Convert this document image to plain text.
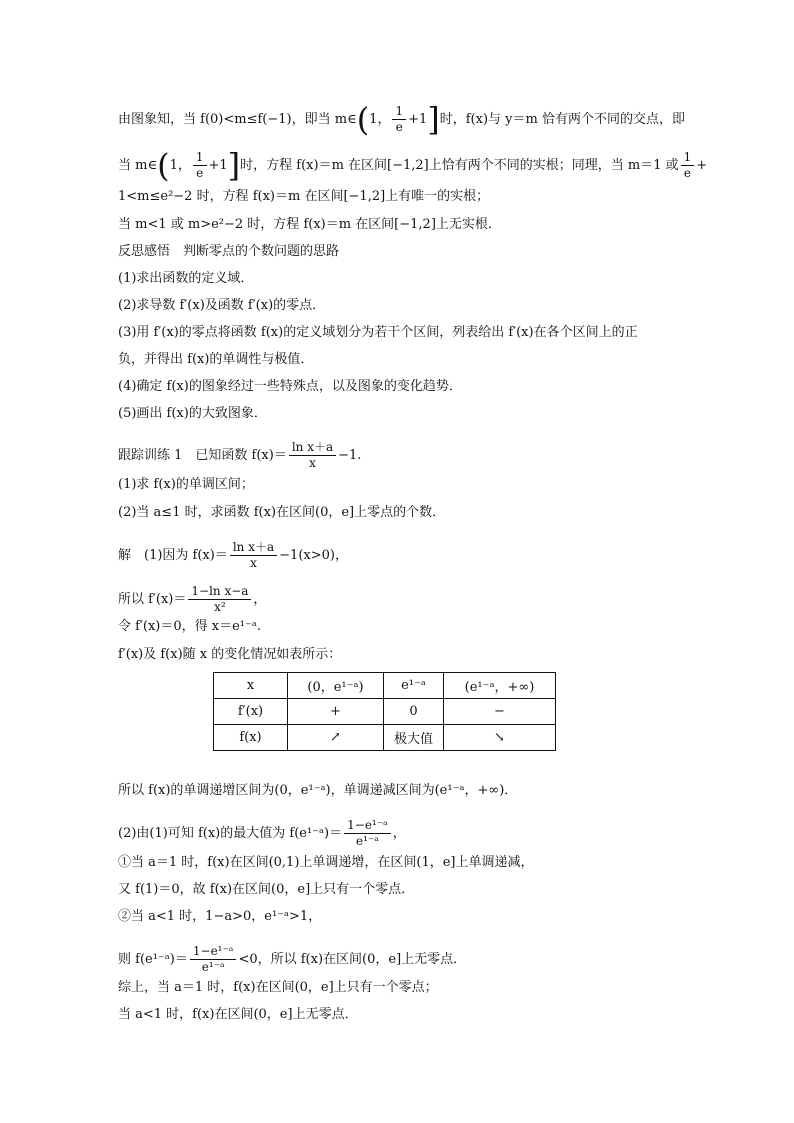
由图象知，当 f(0)<m≤f(−1)，即当 m∈(1， $\frac{1}{e} +1$]时，f(x)与 y＝m 恰有两个不同的交点，即
当 m∈(1， $\frac{1}{e} +1$]时，方程 f(x)＝m 在区间[−1,2]上恰有两个不同的实根；同理，当 m＝1 或 $\frac{1}{e}$ +
1<m≤e²−2 时，方程 f(x)＝m 在区间[−1,2]上有唯一的实根；
当 m<1 或 m>e²−2 时，方程 f(x)＝m 在区间[−1,2]上无实根．
反思感悟　判断零点的个数问题的思路
(1)求出函数的定义域．
(2)求导数 f′(x)及函数 f′(x)的零点．
(3)用 f′(x)的零点将函数 f(x)的定义域划分为若干个区间，列表给出 f′(x)在各个区间上的正
负，并得出 f(x)的单调性与极值．
(4)确定 f(x)的图象经过一些特殊点，以及图象的变化趋势．
(5)画出 f(x)的大致图象．
跟踪训练 1　已知函数 $f(x)= \frac{\text{ln x＋a}}{x} -1$.
(1)求 f(x)的单调区间；
(2)当 a≤1 时，求函数 f(x)在区间(0，e]上零点的个数．
解　(1)因为 $f(x)= \frac{\text{ln x＋a}}{x} -1(x>0)$，
所以 $f'(x)= \frac{\text{1−ln x−a}}{\text{x²}}$ ，
令 f′(x)＝0，得 x＝e¹⁻ᵃ.
f′(x)及 f(x)随 x 的变化情况如表所示：
x	(0，e¹⁻ᵃ)	e¹⁻ᵃ	(e¹⁻ᵃ，+∞)
f′(x)	+	0	−
f(x)	↗	极大值	↘
所以 f(x)的单调递增区间为(0，e¹⁻ᵃ)，单调递减区间为(e¹⁻ᵃ，+∞)．
(2)由(1)可知 f(x)的最大值为 f(e¹⁻ᵃ)＝ $\frac{\text{1−e¹⁻ᵃ}}{\text{e¹⁻ᵃ}}$ ，
①当 a＝1 时，f(x)在区间(0,1)上单调递增，在区间(1，e]上单调递减，
又 f(1)＝0，故 f(x)在区间(0，e]上只有一个零点．
②当 a<1 时，1−a>0，e¹⁻ᵃ>1，
则 f(e¹⁻ᵃ)＝ $\frac{\text{1−e¹⁻ᵃ}}{\text{e¹⁻ᵃ}} <0$，所以 f(x)在区间(0，e]上无零点．
综上，当 a＝1 时，f(x)在区间(0，e]上只有一个零点；
当 a<1 时，f(x)在区间(0，e]上无零点．
